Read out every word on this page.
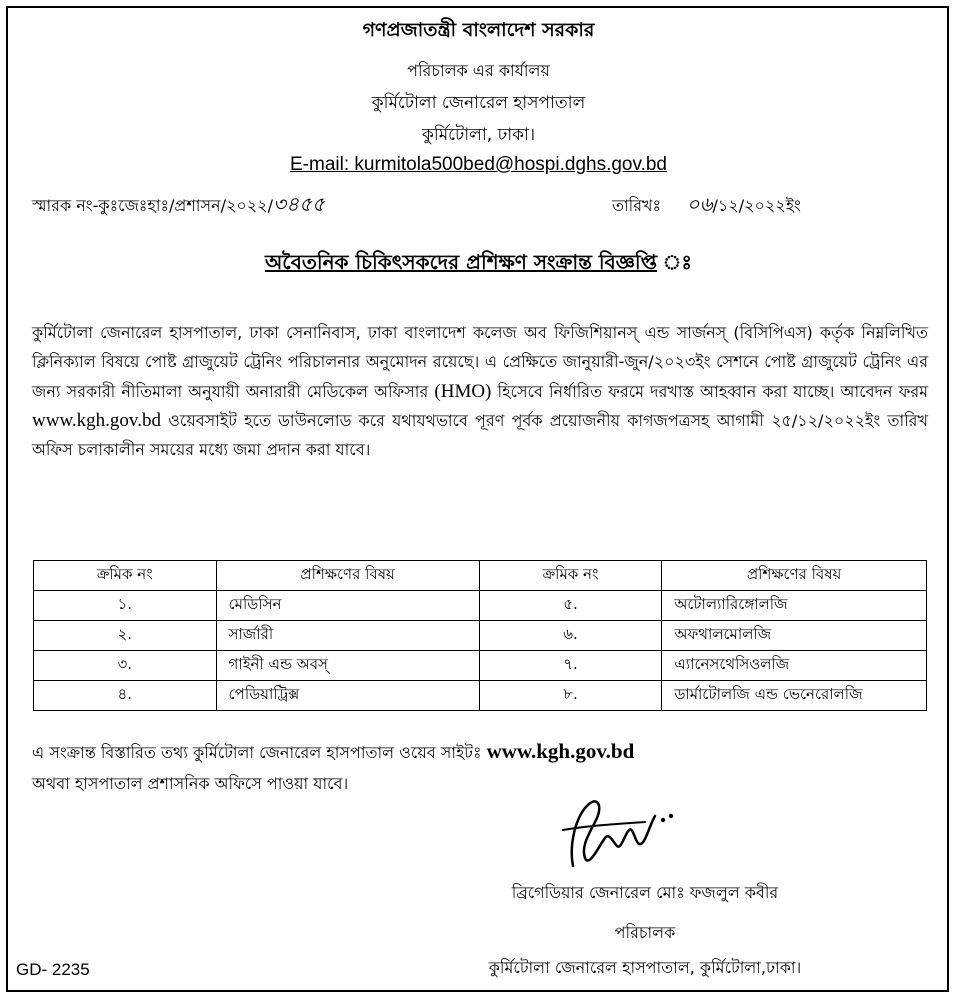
গণপ্রজাতন্ত্রী বাংলাদেশ সরকার
পরিচালক এর কার্যালয়
কুর্মিটোলা জেনারেল হাসপাতাল
কুর্মিটোলা, ঢাকা।
E-mail: kurmitola500bed@hospi.dghs.gov.bd
স্মারক নং-কুঃজেঃহাঃ/প্রশাসন/২০২২/৩৪৫৫	তারিখঃ ০৬/১২/২০২২ইং
অবৈতনিক চিকিৎসকদের প্রশিক্ষণ সংক্রান্ত বিজ্ঞপ্তি ঃ
কুর্মিটোলা জেনারেল হাসপাতাল, ঢাকা সেনানিবাস, ঢাকা বাংলাদেশ কলেজ অব ফিজিশিয়ানস্ এন্ড সার্জনস্ (বিসিপিএস) কর্তৃক নিম্নলিখিত ক্লিনিক্যাল বিষয়ে পোষ্ট গ্রাজুয়েট ট্রেনিং পরিচালনার অনুমোদন রয়েছে। এ প্রেক্ষিতে জানুয়ারী-জুন/২০২৩ইং সেশনে পোষ্ট গ্রাজুয়েট ট্রেনিং এর জন্য সরকারী নীতিমালা অনুযায়ী অনারারী মেডিকেল অফিসার (HMO) হিসেবে নির্ধারিত ফরমে দরখাস্ত আহব্বান করা যাচ্ছে। আবেদন ফরম www.kgh.gov.bd ওয়েবসাইট হতে ডাউনলোড করে যথাযথভাবে পূরণ পূর্বক প্রয়োজনীয় কাগজপত্রসহ আগামী ২৫/১২/২০২২ইং তারিখ অফিস চলাকালীন সময়ের মধ্যে জমা প্রদান করা যাবে।
ক্রমিক নং	প্রশিক্ষণের বিষয়	ক্রমিক নং	প্রশিক্ষণের বিষয়
১.	মেডিসিন	৫.	অটোল্যারিঙ্গোলজি
২.	সার্জারী	৬.	অফথালমোলজি
৩.	গাইনী এন্ড অবস্	৭.	এ্যানেসথেসিওলজি
৪.	পেডিয়াট্রিক্স	৮.	ডার্মাটোলজি এন্ড ভেনেরোলজি
এ সংক্রান্ত বিস্তারিত তথ্য কুর্মিটোলা জেনারেল হাসপাতাল ওয়েব সাইটঃ www.kgh.gov.bd
অথবা হাসপাতাল প্রশাসনিক অফিসে পাওয়া যাবে।
ব্রিগেডিয়ার জেনারেল মোঃ ফজলুল কবীর
পরিচালক
কুর্মিটোলা জেনারেল হাসপাতাল, কুর্মিটোলা,ঢাকা।
GD- 2235
